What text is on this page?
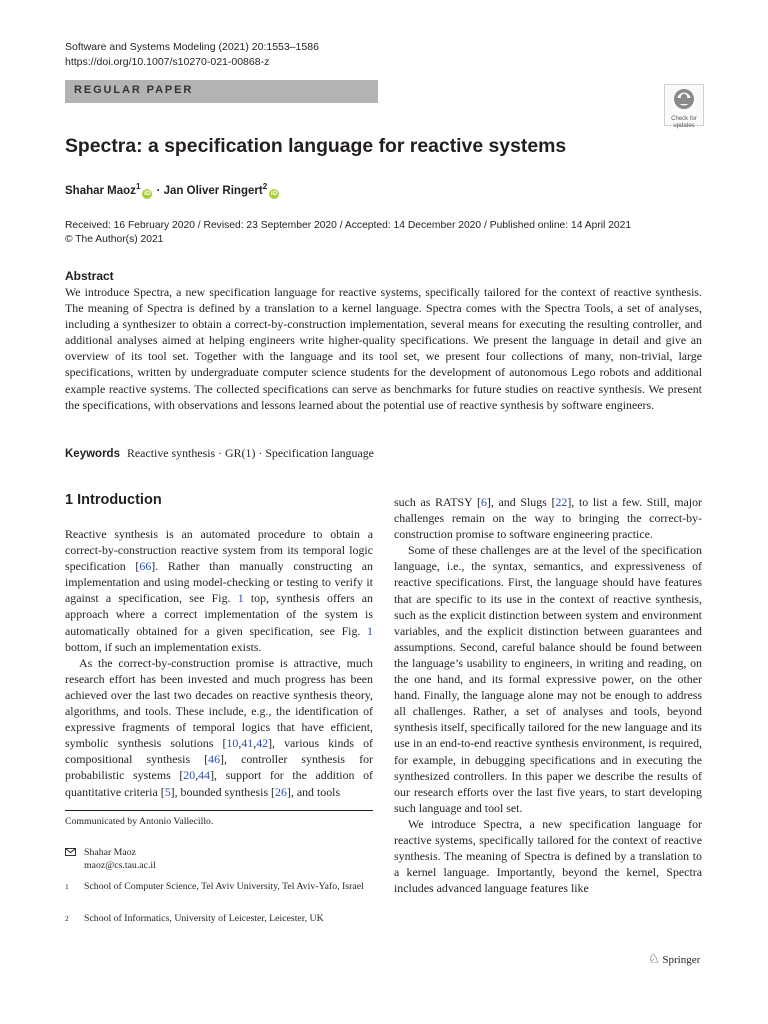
Software and Systems Modeling (2021) 20:1553–1586
https://doi.org/10.1007/s10270-021-00868-z
REGULAR PAPER
Check for
updates
Spectra: a specification language for reactive systems
Shahar Maoz$^1$iD · Jan Oliver Ringert$^2$iD
Received: 16 February 2020 / Revised: 23 September 2020 / Accepted: 14 December 2020 / Published online: 14 April 2021
© The Author(s) 2021
Abstract
We introduce Spectra, a new specification language for reactive systems, specifically tailored for the context of reactive synthesis. The meaning of Spectra is defined by a translation to a kernel language. Spectra comes with the Spectra Tools, a set of analyses, including a synthesizer to obtain a correct-by-construction implementation, several means for executing the resulting controller, and additional analyses aimed at helping engineers write higher-quality specifications. We present the language in detail and give an overview of its tool set. Together with the language and its tool set, we present four collections of many, non-trivial, large specifications, written by undergraduate computer science students for the development of autonomous Lego robots and additional example reactive systems. The collected specifications can serve as benchmarks for future studies on reactive synthesis. We present the specifications, with observations and lessons learned about the potential use of reactive synthesis by software engineers.
Keywords Reactive synthesis · GR(1) · Specification language
1 Introduction

Reactive synthesis is an automated procedure to obtain a correct-by-construction reactive system from its temporal logic specification [66]. Rather than manually constructing an implementation and using model-checking or testing to verify it against a specification, see Fig. 1 top, synthesis offers an approach where a correct implementation of the system is automatically obtained for a given specification, see Fig. 1 bottom, if such an implementation exists.

As the correct-by-construction promise is attractive, much research effort has been invested and much progress has been achieved over the last two decades on reactive synthesis theory, algorithms, and tools. These include, e.g., the identification of expressive fragments of temporal logics that have efficient, symbolic synthesis solutions [10,41,42], various kinds of compositional synthesis [46], controller synthesis for probabilistic systems [20,44], support for the addition of quantitative criteria [5], bounded synthesis [26], and tools

such as RATSY [6], and Slugs [22], to list a few. Still, major challenges remain on the way to bringing the correct-by-construction promise to software engineering practice.

Some of these challenges are at the level of the specification language, i.e., the syntax, semantics, and expressiveness of reactive specifications. First, the language should have features that are specific to its use in the context of reactive synthesis, such as the explicit distinction between system and environment variables, and the explicit distinction between guarantees and assumptions. Second, careful balance should be found between the language’s usability to engineers, in writing and reading, on the one hand, and its formal expressive power, on the other hand. Finally, the language alone may not be enough to address all challenges. Rather, a set of analyses and tools, beyond synthesis itself, specifically tailored for the new language and its use in an end-to-end reactive synthesis environment, is required, for example, in debugging specifications and in executing the synthesized controllers. In this paper we describe the results of our research efforts over the last five years, to start developing such language and tool set.

We introduce Spectra, a new specification language for reactive systems, specifically tailored for the context of reactive synthesis. The meaning of Spectra is defined by a translation to a kernel language. Importantly, beyond the kernel, Spectra includes advanced language features like

Communicated by Antonio Vallecillo.
Shahar Maoz
maoz@cs.tau.ac.il
1 School of Computer Science, Tel Aviv University, Tel Aviv-Yafo, Israel
2 School of Informatics, University of Leicester, Leicester, UK
♘ Springer
